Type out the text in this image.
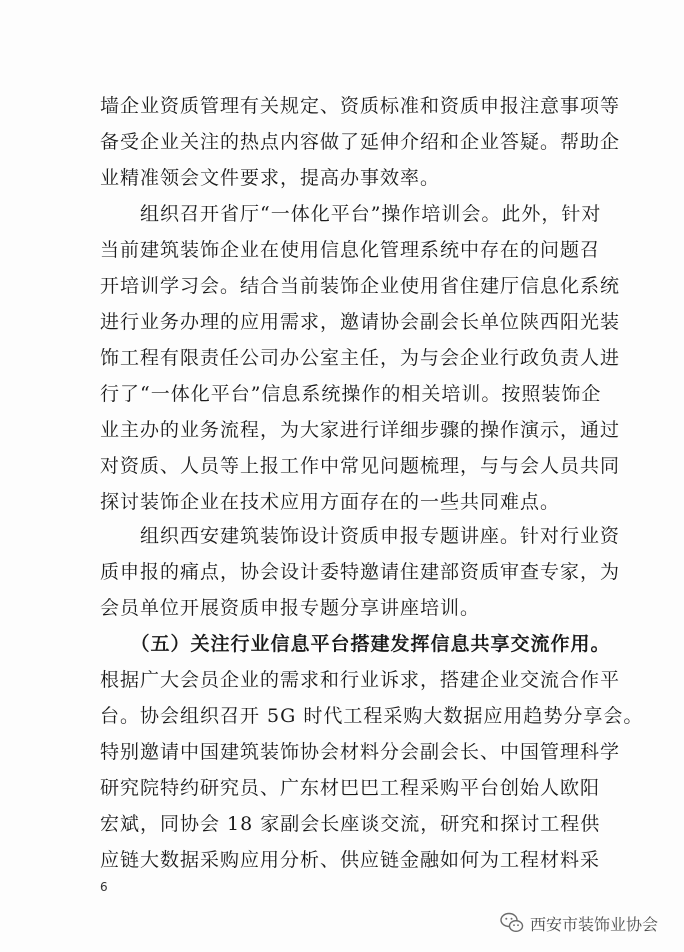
墙企业资质管理有关规定、资质标准和资质申报注意事项等
备受企业关注的热点内容做了延伸介绍和企业答疑。帮助企
业精准领会文件要求，提高办事效率。
　　组织召开省厅“一体化平台”操作培训会。此外，针对
当前建筑装饰企业在使用信息化管理系统中存在的问题召
开培训学习会。结合当前装饰企业使用省住建厅信息化系统
进行业务办理的应用需求，邀请协会副会长单位陕西阳光装
饰工程有限责任公司办公室主任，为与会企业行政负责人进
行了“一体化平台”信息系统操作的相关培训。按照装饰企
业主办的业务流程，为大家进行详细步骤的操作演示，通过
对资质、人员等上报工作中常见问题梳理，与与会人员共同
探讨装饰企业在技术应用方面存在的一些共同难点。
　　组织西安建筑装饰设计资质申报专题讲座。针对行业资
质申报的痛点，协会设计委特邀请住建部资质审查专家，为
会员单位开展资质申报专题分享讲座培训。
　　（五）关注行业信息平台搭建发挥信息共享交流作用。
根据广大会员企业的需求和行业诉求，搭建企业交流合作平
台。协会组织召开 5G 时代工程采购大数据应用趋势分享会。
特别邀请中国建筑装饰协会材料分会副会长、中国管理科学
研究院特约研究员、广东材巴巴工程采购平台创始人欧阳
宏斌，同协会 18 家副会长座谈交流，研究和探讨工程供
应链大数据采购应用分析、供应链金融如何为工程材料采
6
西安市装饰业协会
